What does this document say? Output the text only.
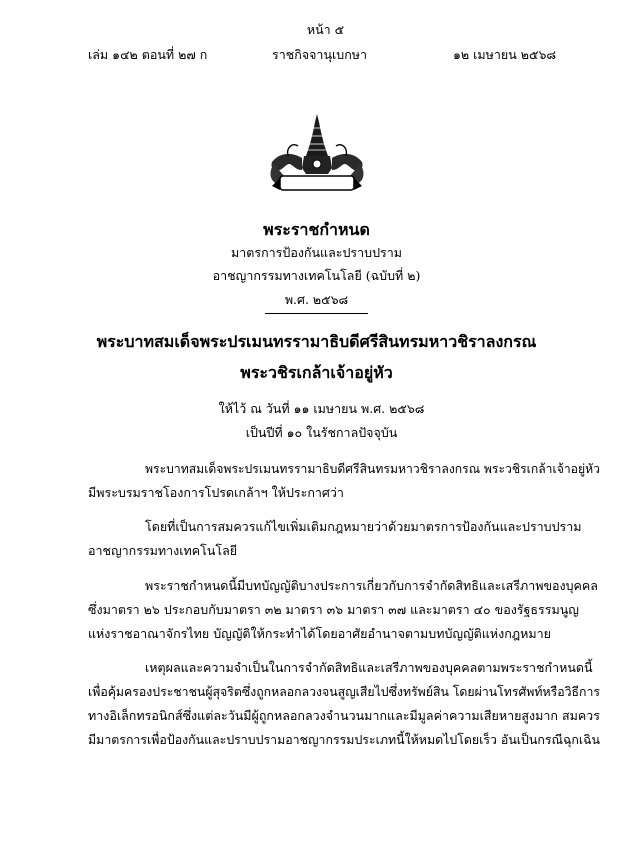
หน้า ๕
เล่ม ๑๔๒ ตอนที่ ๒๗ ก	ราชกิจจานุเบกษา	๑๒ เมษายน ๒๕๖๘
พระราชกำหนด
มาตรการป้องกันและปราบปราม
อาชญากรรมทางเทคโนโลยี (ฉบับที่ ๒)
พ.ศ. ๒๕๖๘
พระบาทสมเด็จพระปรเมนทรรามาธิบดีศรีสินทรมหาวชิราลงกรณ
พระวชิรเกล้าเจ้าอยู่หัว
ให้ไว้ ณ วันที่ ๑๑ เมษายน พ.ศ. ๒๕๖๘
เป็นปีที่ ๑๐ ในรัชกาลปัจจุบัน
พระบาทสมเด็จพระปรเมนทรรามาธิบดีศรีสินทรมหาวชิราลงกรณ พระวชิรเกล้าเจ้าอยู่หัว
มีพระบรมราชโองการโปรดเกล้าฯ ให้ประกาศว่า
โดยที่เป็นการสมควรแก้ไขเพิ่มเติมกฎหมายว่าด้วยมาตรการป้องกันและปราบปราม
อาชญากรรมทางเทคโนโลยี
พระราชกำหนดนี้มีบทบัญญัติบางประการเกี่ยวกับการจำกัดสิทธิและเสรีภาพของบุคคล
ซึ่งมาตรา ๒๖ ประกอบกับมาตรา ๓๒ มาตรา ๓๖ มาตรา ๓๗ และมาตรา ๔๐ ของรัฐธรรมนูญ
แห่งราชอาณาจักรไทย บัญญัติให้กระทำได้โดยอาศัยอำนาจตามบทบัญญัติแห่งกฎหมาย
เหตุผลและความจำเป็นในการจำกัดสิทธิและเสรีภาพของบุคคลตามพระราชกำหนดนี้
เพื่อคุ้มครองประชาชนผู้สุจริตซึ่งถูกหลอกลวงจนสูญเสียไปซึ่งทรัพย์สิน โดยผ่านโทรศัพท์หรือวิธีการ
ทางอิเล็กทรอนิกส์ซึ่งแต่ละวันมีผู้ถูกหลอกลวงจำนวนมากและมีมูลค่าความเสียหายสูงมาก สมควร
มีมาตรการเพื่อป้องกันและปราบปรามอาชญากรรมประเภทนี้ให้หมดไปโดยเร็ว อันเป็นกรณีฉุกเฉิน
